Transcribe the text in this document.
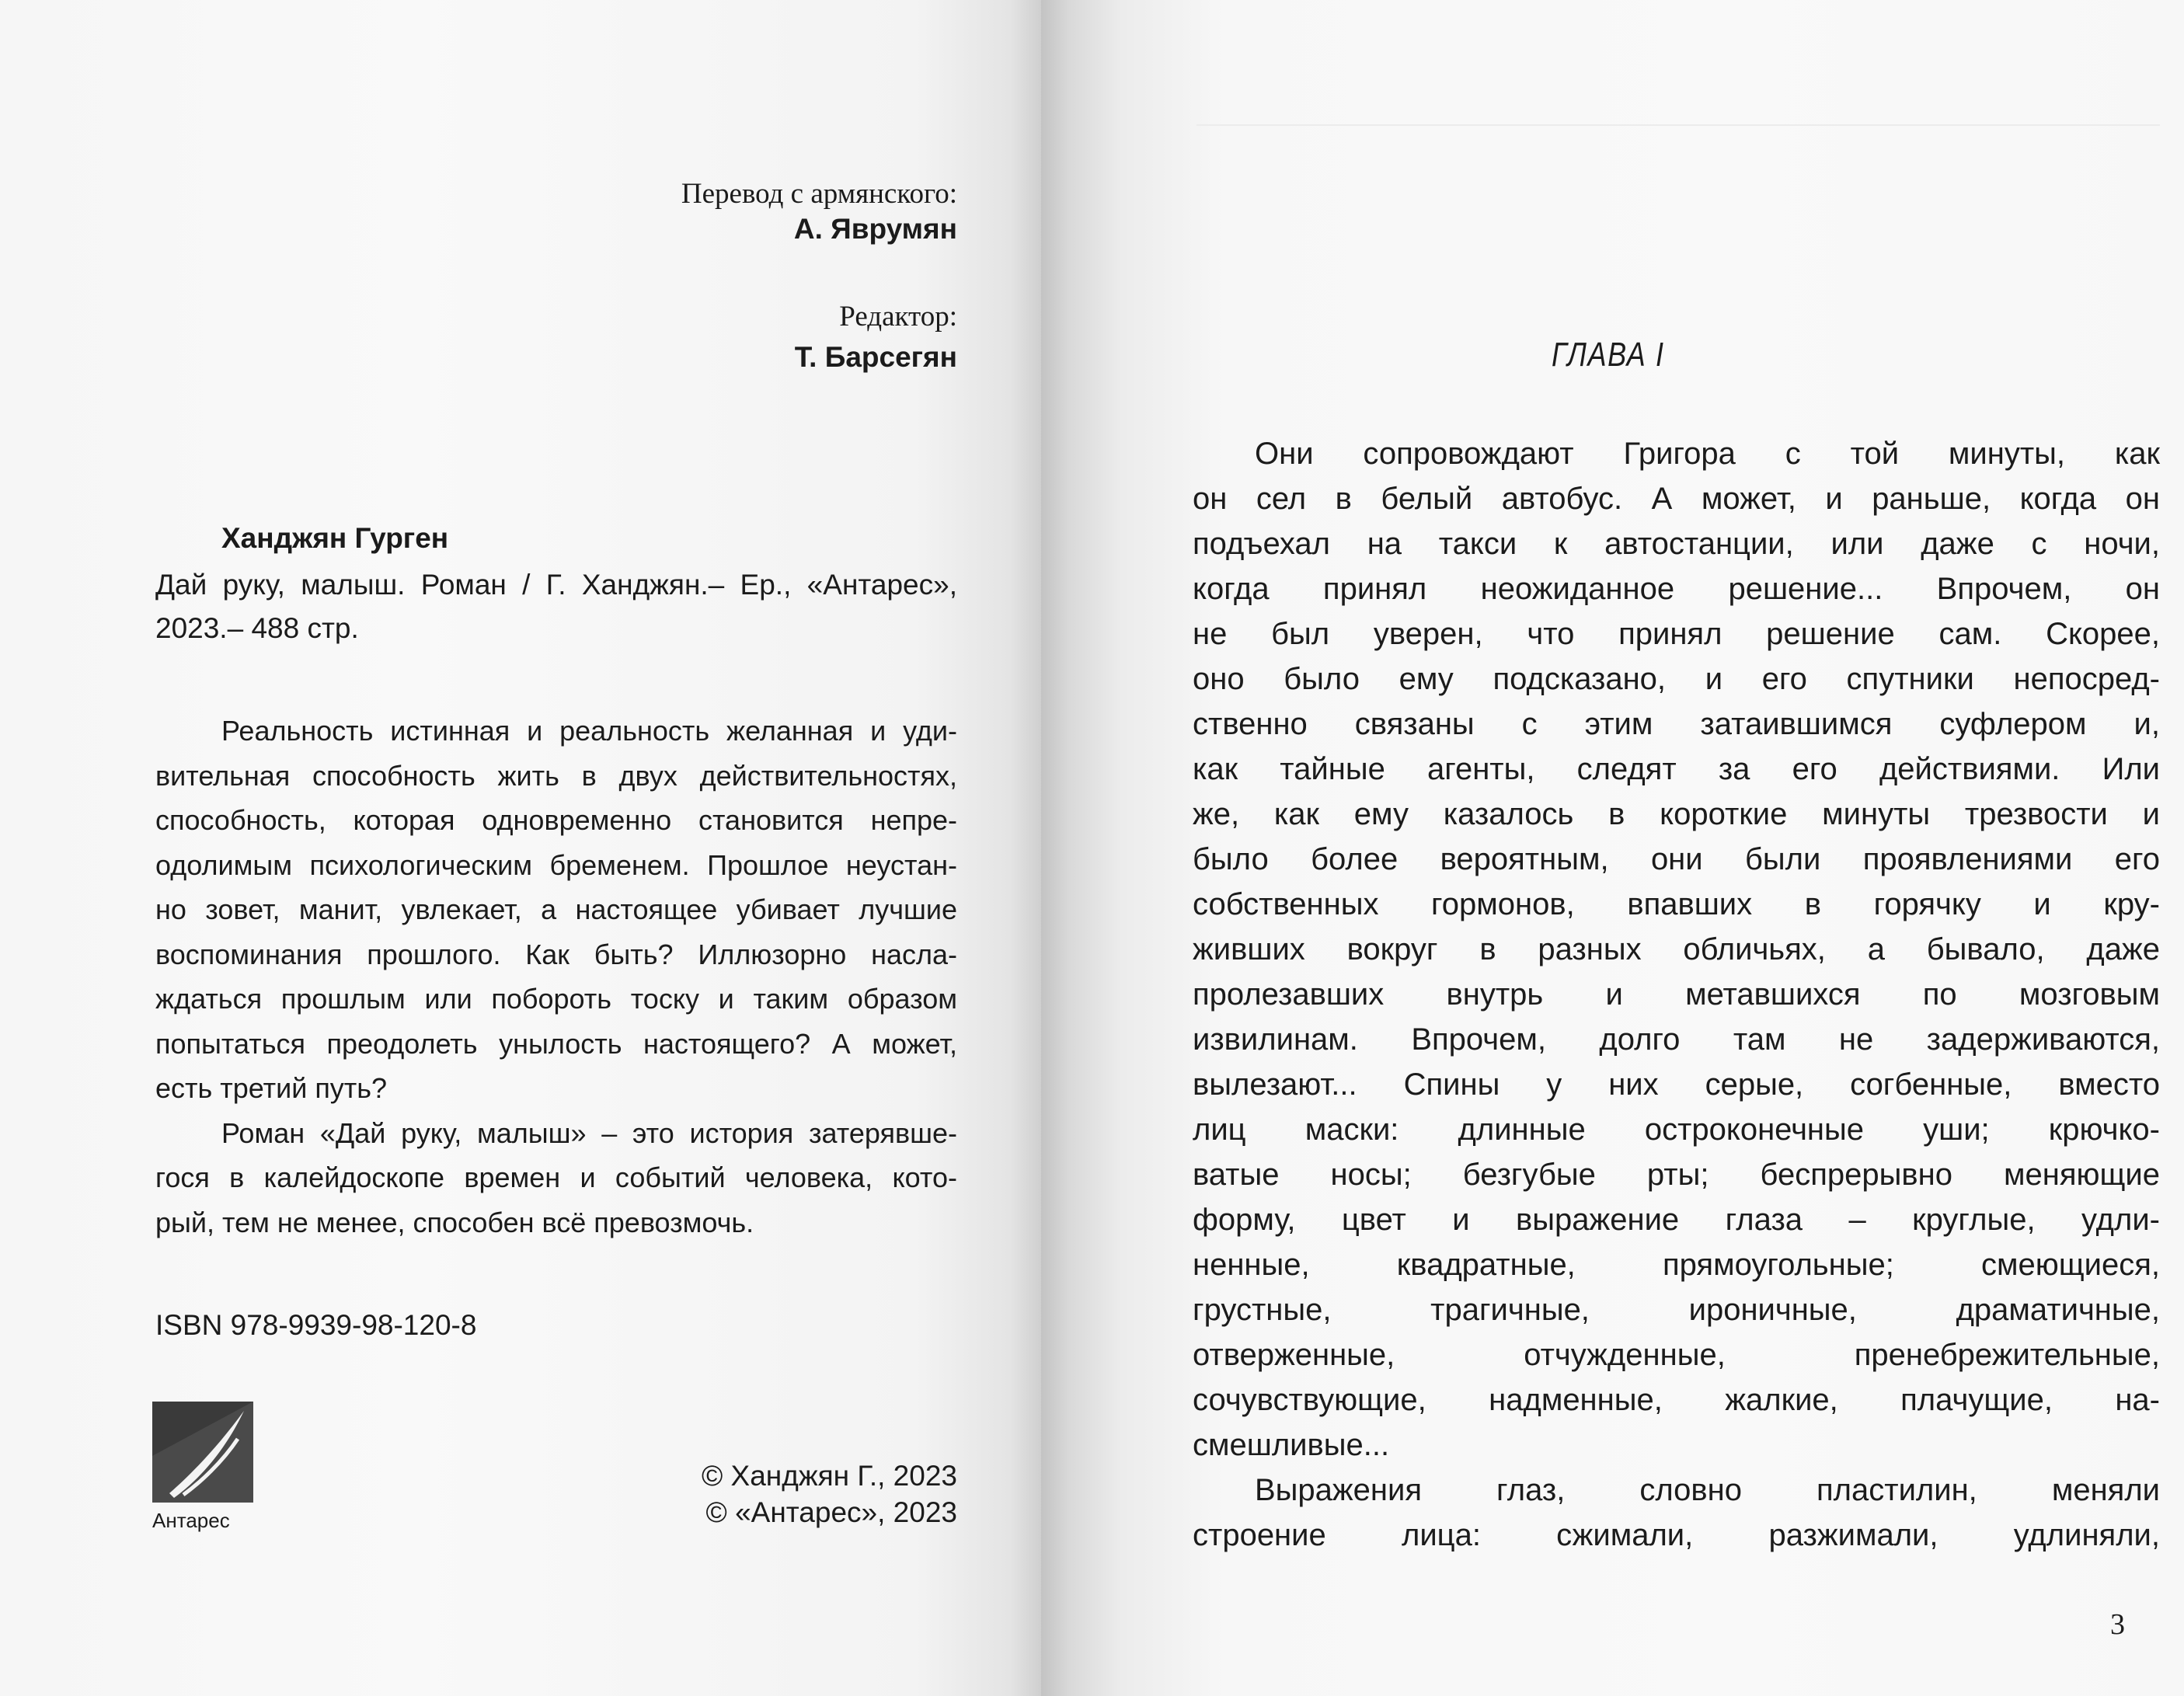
Перевод с армянского:
А. Яврумян
Редактор:
Т. Барсегян
Ханджян Гурген
Дай руку, малыш. Роман / Г. Ханджян.– Ер., «Антарес»,
2023.– 488 стр.
Реальность истинная и реальность желанная и уди-
вительная способность жить в двух действительностях,
способность, которая одновременно становится непре-
одолимым психологическим бременем. Прошлое неустан-
но зовет, манит, увлекает, а настоящее убивает лучшие
воспоминания прошлого. Как быть? Иллюзорно насла-
ждаться прошлым или побороть тоску и таким образом
попытаться преодолеть унылость настоящего? А может,
есть третий путь?
Роман «Дай руку, малыш» – это история затерявше-
гося в калейдоскопе времен и событий человека, кото-
рый, тем не менее, способен всё превозмочь.
ISBN 978-9939-98-120-8
Антарес
© Ханджян Г., 2023
© «Антарес», 2023
ГЛАВА I
Они сопровождают Григора с той минуты, как
он сел в белый автобус. А может, и раньше, когда он
подъехал на такси к автостанции, или даже с ночи,
когда принял неожиданное решение... Впрочем, он
не был уверен, что принял решение сам. Скорее,
оно было ему подсказано, и его спутники непосред-
ственно связаны с этим затаившимся суфлером и,
как тайные агенты, следят за его действиями. Или
же, как ему казалось в короткие минуты трезвости и
было более вероятным, они были проявлениями его
собственных гормонов, впавших в горячку и кру-
живших вокруг в разных обличьях, а бывало, даже
пролезавших внутрь и метавшихся по мозговым
извилинам. Впрочем, долго там не задерживаются,
вылезают... Спины у них серые, согбенные, вместо
лиц маски: длинные остроконечные уши; крючко-
ватые носы; безгубые рты; беспрерывно меняющие
форму, цвет и выражение глаза – круглые, удли-
ненные, квадратные, прямоугольные; смеющиеся,
грустные, трагичные, ироничные, драматичные,
отверженные, отчужденные, пренебрежительные,
сочувствующие, надменные, жалкие, плачущие, на-
смешливые...
Выражения глаз, словно пластилин, меняли
строение лица: сжимали, разжимали, удлиняли,
3
